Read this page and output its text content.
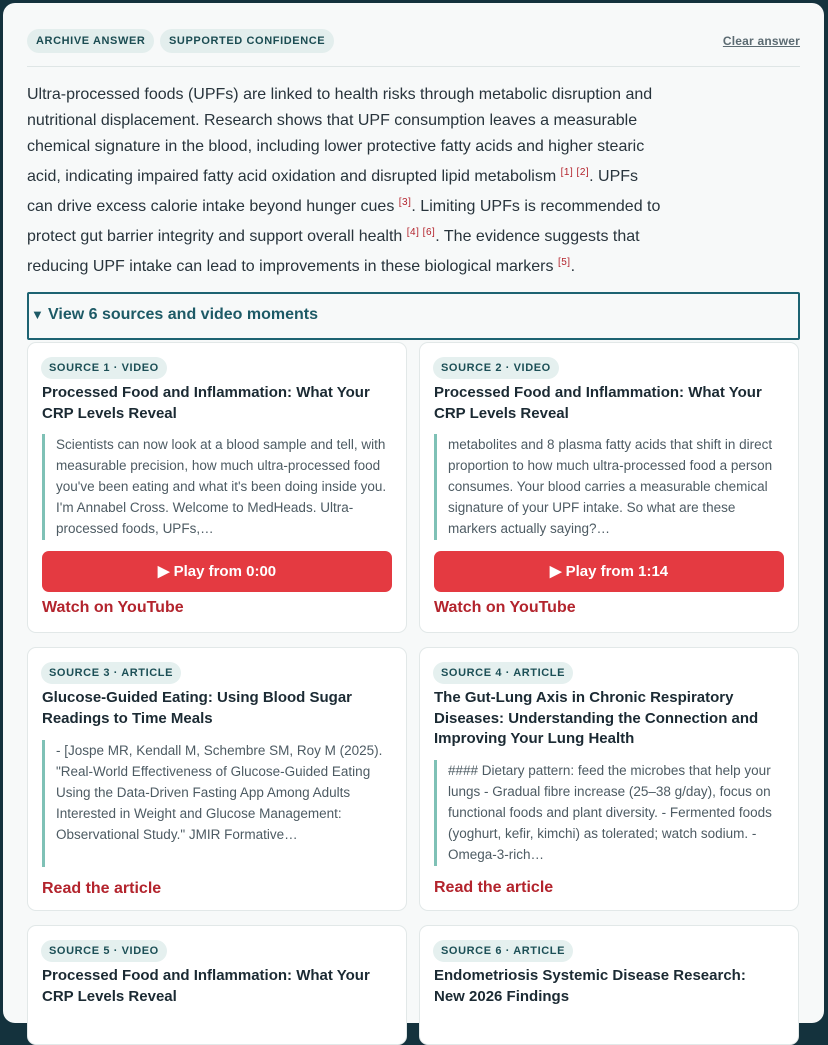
ARCHIVE ANSWER	SUPPORTED CONFIDENCE	Clear answer
Ultra-processed foods (UPFs) are linked to health risks through metabolic disruption and
nutritional displacement. Research shows that UPF consumption leaves a measurable
chemical signature in the blood, including lower protective fatty acids and higher stearic
acid, indicating impaired fatty acid oxidation and disrupted lipid metabolism [1] [2]. UPFs
can drive excess calorie intake beyond hunger cues [3]. Limiting UPFs is recommended to
protect gut barrier integrity and support overall health [4] [6]. The evidence suggests that
reducing UPF intake can lead to improvements in these biological markers [5].
▼ View 6 sources and video moments
SOURCE 1 · VIDEO
Processed Food and Inflammation: What Your CRP Levels Reveal
Scientists can now look at a blood sample and tell, with measurable precision, how much ultra-processed food you've been eating and what it's been doing inside you. I'm Annabel Cross. Welcome to MedHeads. Ultra-processed foods, UPFs,…
▶ Play from 0:00
Watch on YouTube
SOURCE 2 · VIDEO
Processed Food and Inflammation: What Your CRP Levels Reveal
metabolites and 8 plasma fatty acids that shift in direct proportion to how much ultra-processed food a person consumes. Your blood carries a measurable chemical signature of your UPF intake. So what are these markers actually saying?…
▶ Play from 1:14
Watch on YouTube
SOURCE 3 · ARTICLE
Glucose-Guided Eating: Using Blood Sugar Readings to Time Meals
- [Jospe MR, Kendall M, Schembre SM, Roy M (2025). "Real-World Effectiveness of Glucose-Guided Eating Using the Data-Driven Fasting App Among Adults Interested in Weight and Glucose Management: Observational Study." JMIR Formative…
Read the article
SOURCE 4 · ARTICLE
The Gut-Lung Axis in Chronic Respiratory Diseases: Understanding the Connection and Improving Your Lung Health
#### Dietary pattern: feed the microbes that help your lungs - Gradual fibre increase (25–38 g/day), focus on functional foods and plant diversity. - Fermented foods (yoghurt, kefir, kimchi) as tolerated; watch sodium. - Omega-3-rich…
Read the article
SOURCE 5 · VIDEO
Processed Food and Inflammation: What Your CRP Levels Reveal
SOURCE 6 · ARTICLE
Endometriosis Systemic Disease Research: New 2026 Findings
